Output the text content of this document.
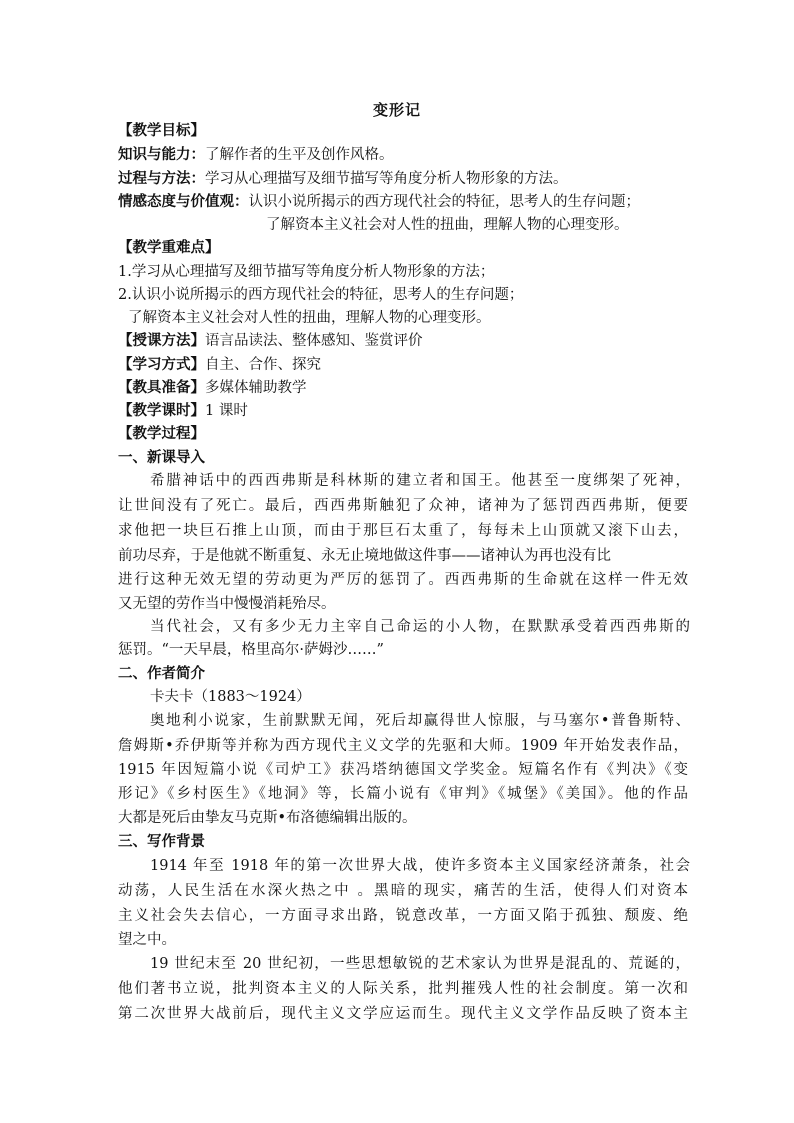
变形记
【教学目标】
知识与能力：了解作者的生平及创作风格。
过程与方法：学习从心理描写及细节描写等角度分析人物形象的方法。
情感态度与价值观：认识小说所揭示的西方现代社会的特征，思考人的生存问题；
了解资本主义社会对人性的扭曲，理解人物的心理变形。
【教学重难点】
1.学习从心理描写及细节描写等角度分析人物形象的方法；
2.认识小说所揭示的西方现代社会的特征，思考人的生存问题；
了解资本主义社会对人性的扭曲，理解人物的心理变形。
【授课方法】语言品读法、整体感知、鉴赏评价
【学习方式】自主、合作、探究
【教具准备】多媒体辅助教学
【教学课时】1 课时
【教学过程】
一、新课导入
希腊神话中的西西弗斯是科林斯的建立者和国王。他甚至一度绑架了死神，
让世间没有了死亡。最后，西西弗斯触犯了众神，诸神为了惩罚西西弗斯，便要
求他把一块巨石推上山顶，而由于那巨石太重了，每每未上山顶就又滚下山去，
前功尽弃，于是他就不断重复、永无止境地做这件事——诸神认为再也没有比
进行这种无效无望的劳动更为严厉的惩罚了。西西弗斯的生命就在这样一件无效
又无望的劳作当中慢慢消耗殆尽。
当代社会，又有多少无力主宰自己命运的小人物，在默默承受着西西弗斯的
惩罚。“一天早晨，格里高尔·萨姆沙……”
二、作者简介
卡夫卡（1883～1924）
奥地利小说家，生前默默无闻，死后却赢得世人惊服，与马塞尔•普鲁斯特、
詹姆斯•乔伊斯等并称为西方现代主义文学的先驱和大师。1909 年开始发表作品，
1915 年因短篇小说《司炉工》获冯塔纳德国文学奖金。短篇名作有《判决》《变
形记》《乡村医生》《地洞》等，长篇小说有《审判》《城堡》《美国》。他的作品
大都是死后由挚友马克斯•布洛德编辑出版的。
三、写作背景
1914 年至 1918 年的第一次世界大战，使许多资本主义国家经济萧条，社会
动荡，人民生活在水深火热之中 。黑暗的现实，痛苦的生活，使得人们对资本
主义社会失去信心，一方面寻求出路，锐意改革，一方面又陷于孤独、颓废、绝
望之中。
19 世纪末至 20 世纪初，一些思想敏锐的艺术家认为世界是混乱的、荒诞的，
他们著书立说，批判资本主义的人际关系，批判摧残人性的社会制度。第一次和
第二次世界大战前后，现代主义文学应运而生。现代主义文学作品反映了资本主
